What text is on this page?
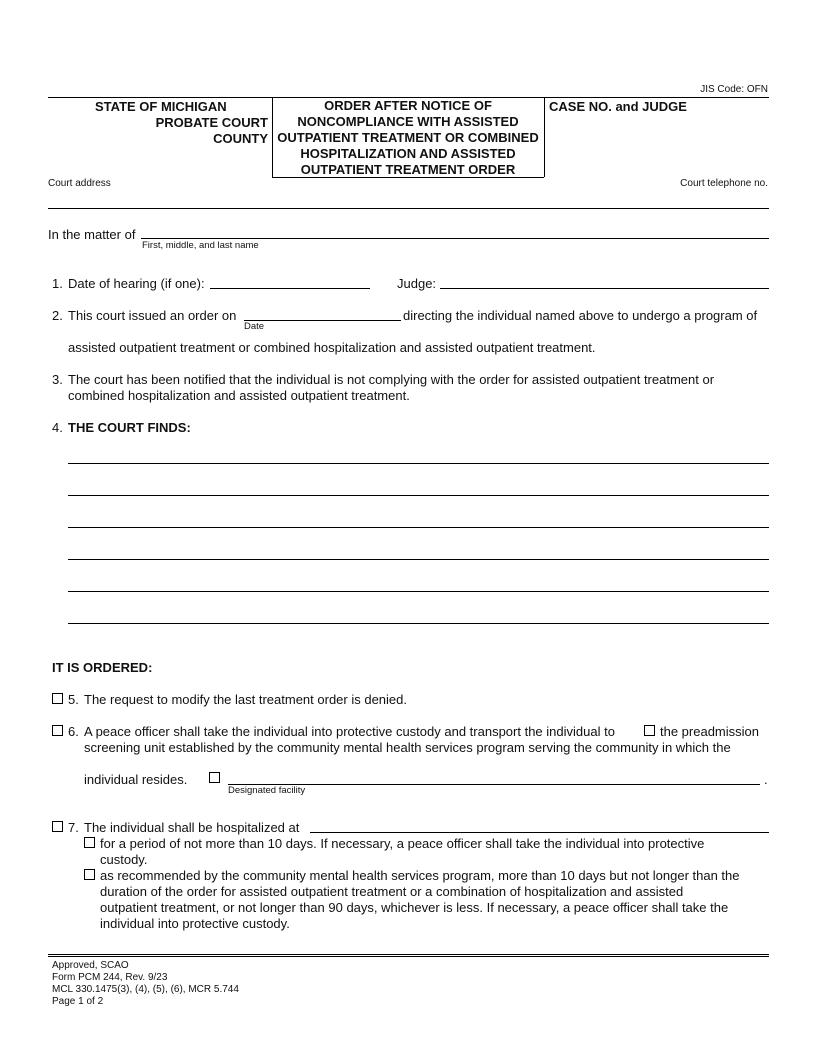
JIS Code: OFN
STATE OF MICHIGAN
PROBATE COURT
COUNTY
ORDER AFTER NOTICE OF
NONCOMPLIANCE WITH ASSISTED
OUTPATIENT TREATMENT OR COMBINED
HOSPITALIZATION AND ASSISTED
OUTPATIENT TREATMENT ORDER
CASE NO. and JUDGE
Court address	Court telephone no.
In the matter of
First, middle, and last name
1. Date of hearing (if one):	Judge:
2. This court issued an order on
Date
directing the individual named above to undergo a program of
assisted outpatient treatment or combined hospitalization and assisted outpatient treatment.
3. The court has been notified that the individual is not complying with the order for assisted outpatient treatment or
combined hospitalization and assisted outpatient treatment.
4. THE COURT FINDS:
IT IS ORDERED:
5. The request to modify the last treatment order is denied.
6. A peace officer shall take the individual into protective custody and transport the individual to	the preadmission
screening unit established by the community mental health services program serving the community in which the
individual resides.
Designated facility
.
7. The individual shall be hospitalized at
for a period of not more than 10 days. If necessary, a peace officer shall take the individual into protective
custody.
as recommended by the community mental health services program, more than 10 days but not longer than the
duration of the order for assisted outpatient treatment or a combination of hospitalization and assisted
outpatient treatment, or not longer than 90 days, whichever is less. If necessary, a peace officer shall take the
individual into protective custody.
Approved, SCAO
Form PCM 244, Rev. 9/23
MCL 330.1475(3), (4), (5), (6), MCR 5.744
Page 1 of 2
